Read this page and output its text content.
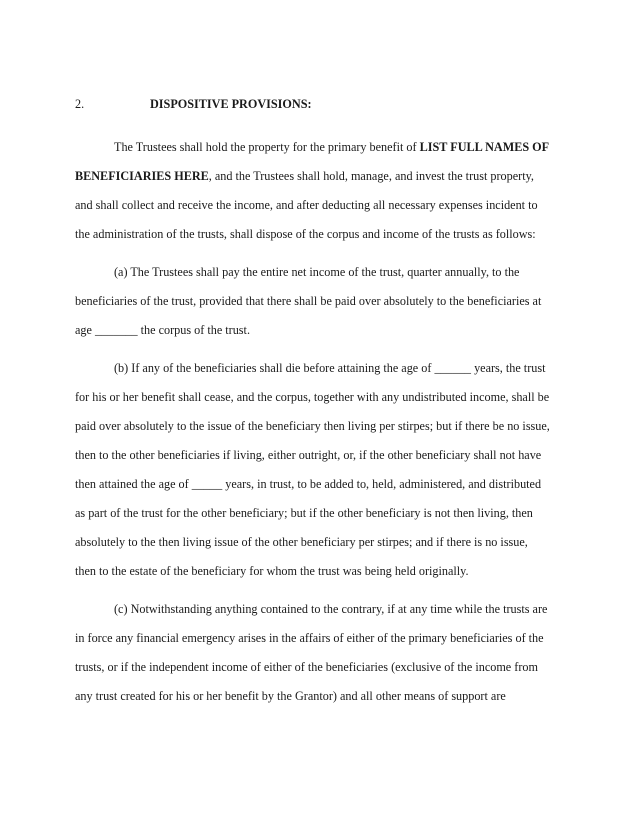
2.	DISPOSITIVE PROVISIONS:

The Trustees shall hold the property for the primary benefit of LIST FULL NAMES OF

BENEFICIARIES HERE, and the Trustees shall hold, manage, and invest the trust property,

and shall collect and receive the income, and after deducting all necessary expenses incident to

the administration of the trusts, shall dispose of the corpus and income of the trusts as follows:

(a) The Trustees shall pay the entire net income of the trust, quarter annually, to the

beneficiaries of the trust, provided that there shall be paid over absolutely to the beneficiaries at

age _______ the corpus of the trust.

(b) If any of the beneficiaries shall die before attaining the age of ______ years, the trust

for his or her benefit shall cease, and the corpus, together with any undistributed income, shall be

paid over absolutely to the issue of the beneficiary then living per stirpes; but if there be no issue,

then to the other beneficiaries if living, either outright, or, if the other beneficiary shall not have

then attained the age of _____ years, in trust, to be added to, held, administered, and distributed

as part of the trust for the other beneficiary; but if the other beneficiary is not then living, then

absolutely to the then living issue of the other beneficiary per stirpes; and if there is no issue,

then to the estate of the beneficiary for whom the trust was being held originally.

(c) Notwithstanding anything contained to the contrary, if at any time while the trusts are

in force any financial emergency arises in the affairs of either of the primary beneficiaries of the

trusts, or if the independent income of either of the beneficiaries (exclusive of the income from

any trust created for his or her benefit by the Grantor) and all other means of support are
